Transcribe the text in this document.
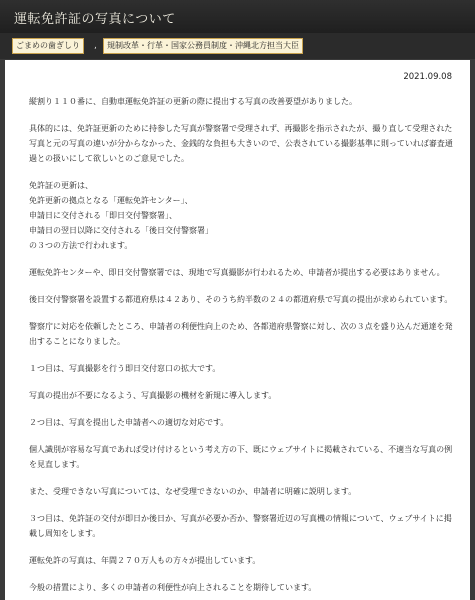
運転免許証の写真について
ごまめの歯ぎしり	,	規制改革・行革・国家公務員制度・沖縄北方担当大臣
2021.09.08

縦割り１１０番に、自動車運転免許証の更新の際に提出する写真の改善要望がありました。

具体的には、免許証更新のために持参した写真が警察署で受理されず、再撮影を指示されたが、撮り直して受理された写真と元の写真の違いが分からなかった、金銭的な負担も大きいので、公表されている撮影基準に則っていれば審査通過との扱いにして欲しいとのご意見でした。

免許証の更新は、
免許更新の拠点となる「運転免許センター」、
申請日に交付される「即日交付警察署」、
申請日の翌日以降に交付される「後日交付警察署」
の３つの方法で行われます。

運転免許センターや、即日交付警察署では、現地で写真撮影が行われるため、申請者が提出する必要はありません。

後日交付警察署を設置する都道府県は４２あり、そのうち約半数の２４の都道府県で写真の提出が求められています。

警察庁に対応を依頼したところ、申請者の利便性向上のため、各都道府県警察に対し、次の３点を盛り込んだ通達を発出することになりました。

１つ目は、写真撮影を行う即日交付窓口の拡大です。

写真の提出が不要になるよう、写真撮影の機材を新規に導入します。

２つ目は、写真を提出した申請者への適切な対応です。

個人識別が容易な写真であれば受け付けるという考え方の下、既にウェブサイトに掲載されている、不適当な写真の例を見直します。

また、受理できない写真については、なぜ受理できないのか、申請者に明確に説明します。

３つ目は、免許証の交付が即日か後日か、写真が必要か否か、警察署近辺の写真機の情報について、ウェブサイトに掲載し周知をします。

運転免許の写真は、年間２７０万人もの方々が提出しています。

今般の措置により、多くの申請者の利便性が向上されることを期待しています。
